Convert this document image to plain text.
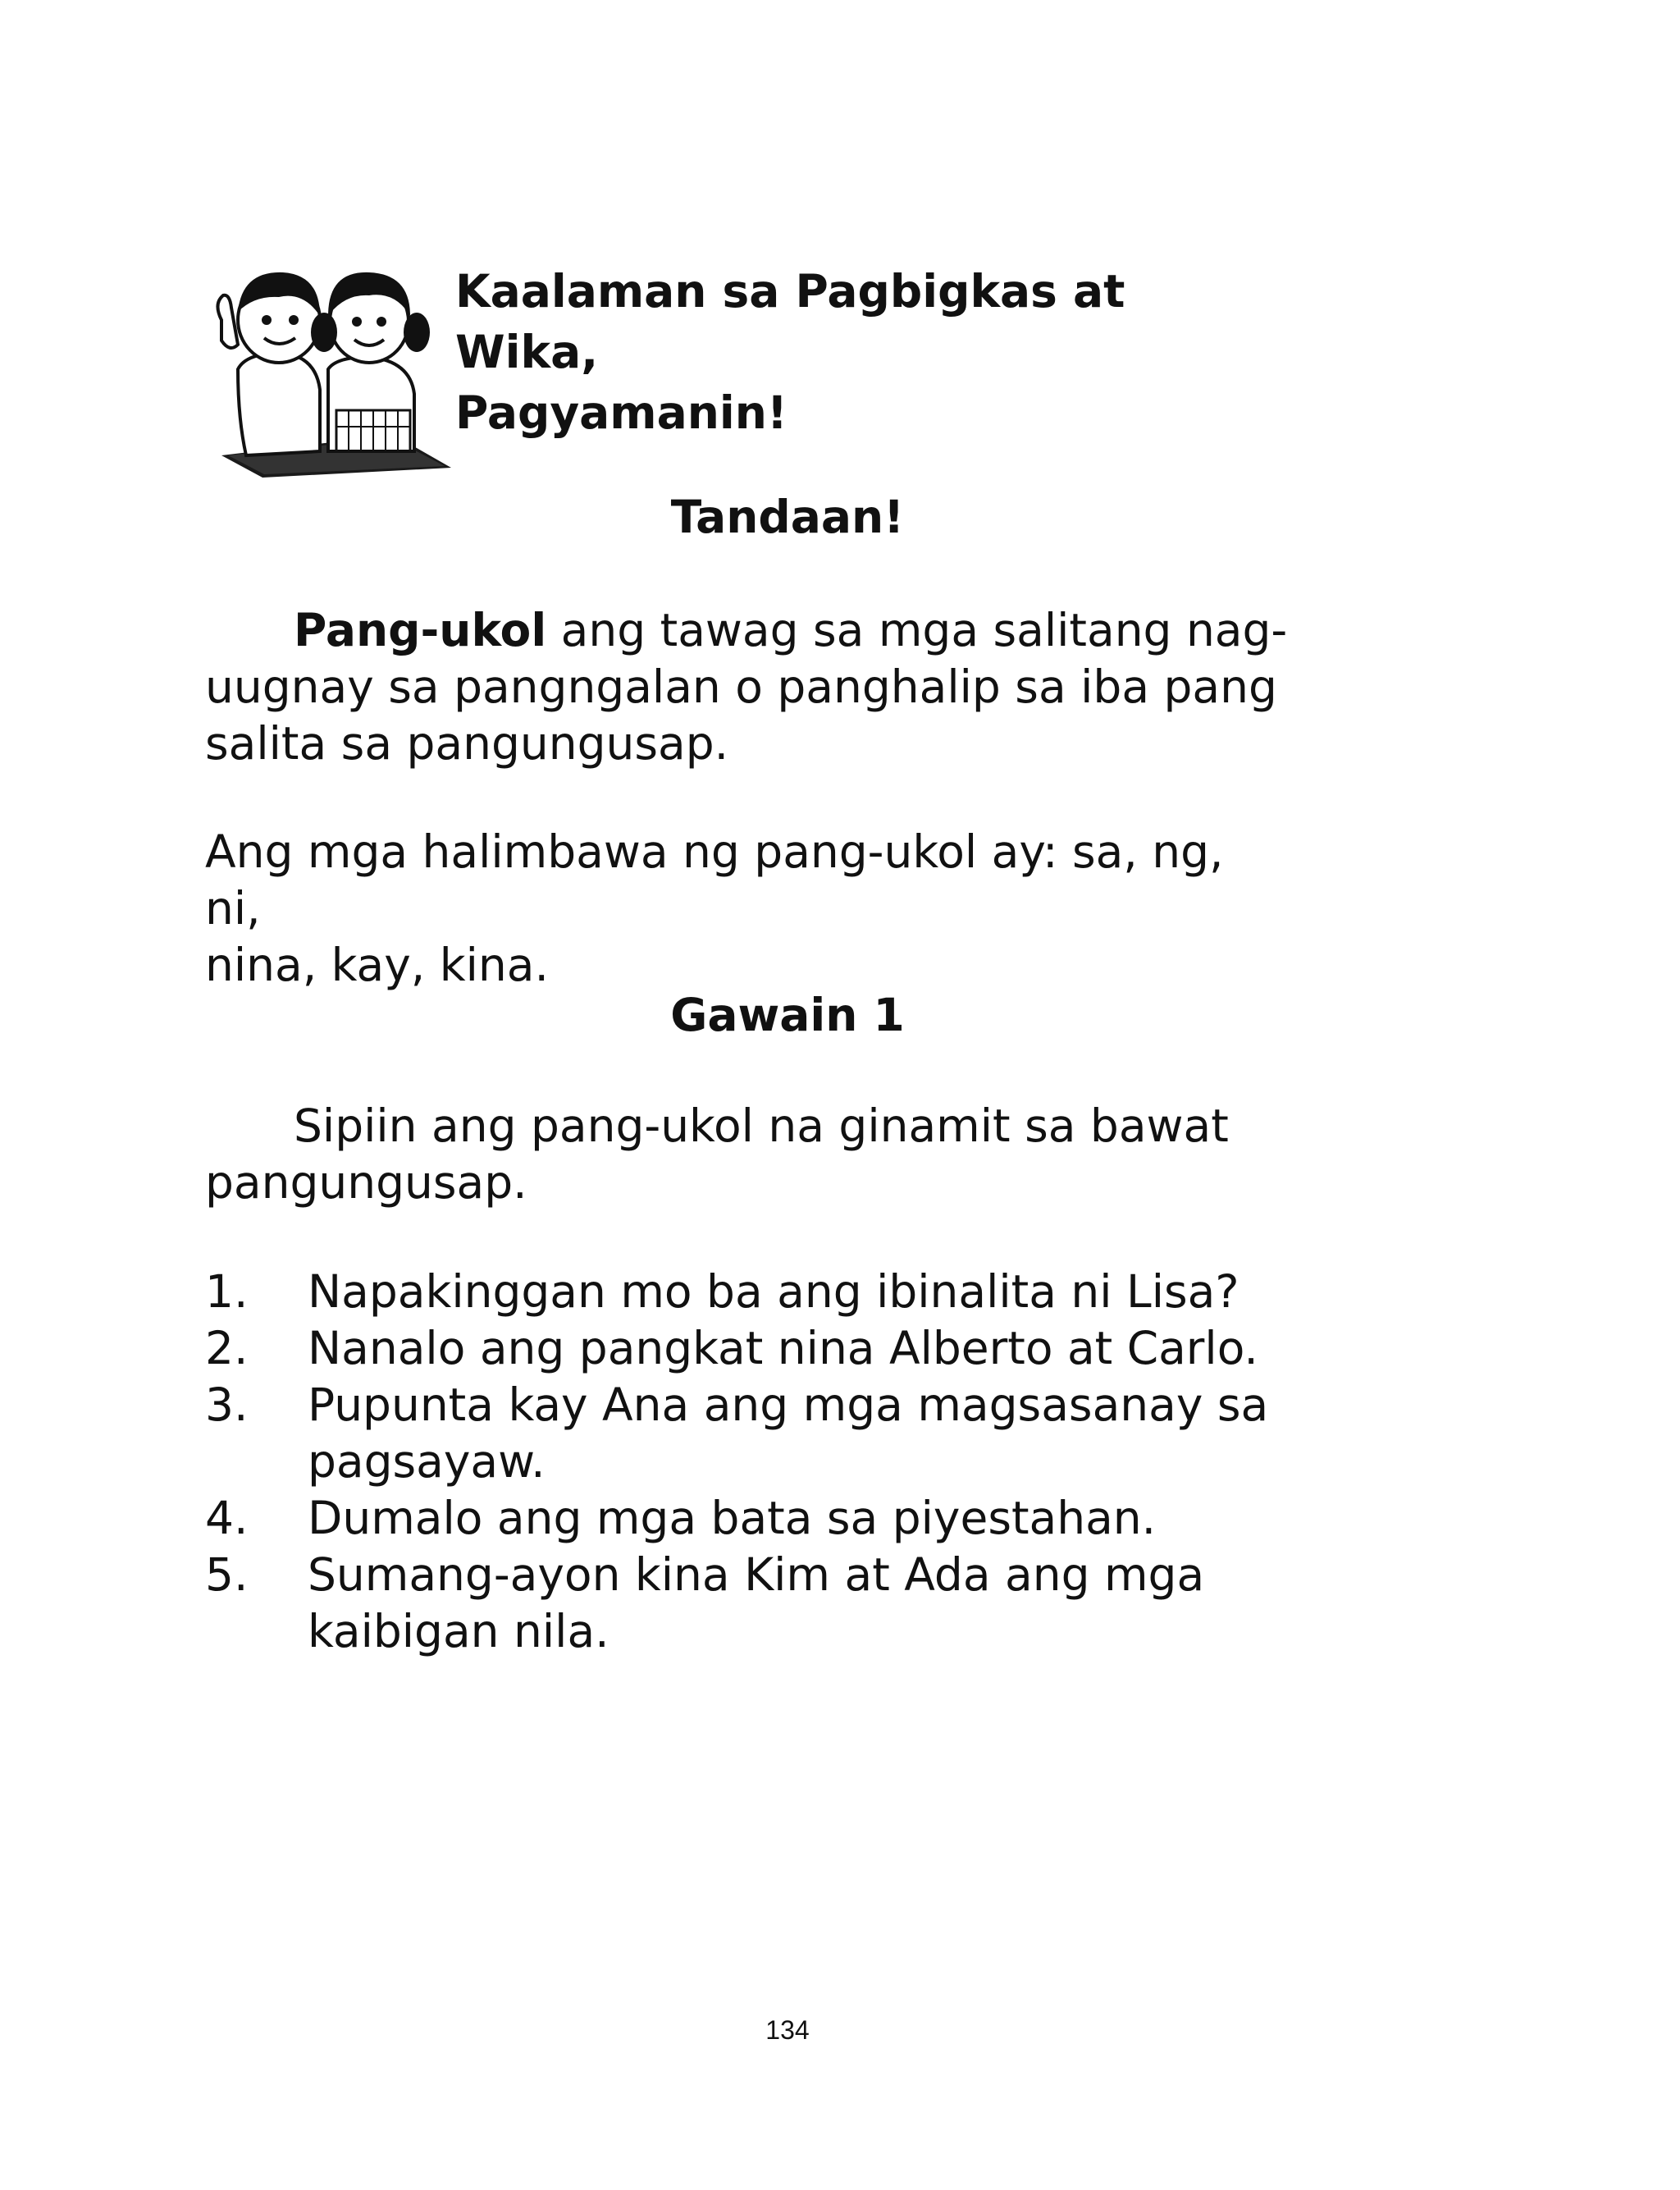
Kaalaman sa Pagbigkas at Wika,
Pagyamanin!
Tandaan!
Pang-ukol ang tawag sa mga salitang nag-
uugnay sa pangngalan o panghalip sa iba pang
salita sa pangungusap.
Ang mga halimbawa ng pang-ukol ay: sa, ng, ni,
nina, kay, kina.
Gawain 1
Sipiin ang pang-ukol na ginamit sa bawat
pangungusap.
1.	Napakinggan mo ba ang ibinalita ni Lisa?
2.	Nanalo ang pangkat nina Alberto at Carlo.
3.	Pupunta kay Ana ang mga magsasanay sa
pagsayaw.
4.	Dumalo ang mga bata sa piyestahan.
5.	Sumang-ayon kina Kim at Ada ang mga
kaibigan nila.
134
